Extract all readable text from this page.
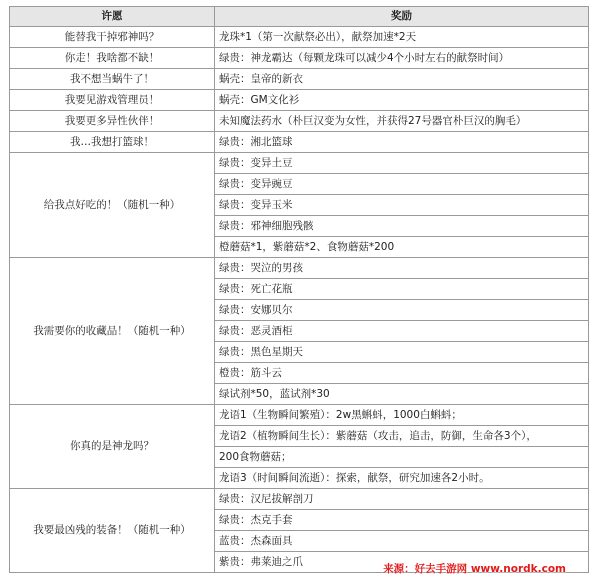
许愿	奖励
能替我干掉邪神吗？	龙珠*1（第一次献祭必出），献祭加速*2天
你走！我啥都不缺！	绿贵：神龙霸达（每颗龙珠可以减少4个小时左右的献祭时间）
我不想当蜗牛了！	蜗壳：皇帝的新衣
我要见游戏管理员！	蜗壳：GM文化衫
我要更多异性伙伴！	未知魔法药水（朴巨汉变为女性，并获得27号器官朴巨汉的胸毛）
我…我想打篮球！	绿贵：湘北篮球
给我点好吃的！（随机一种）	绿贵：变异土豆
	绿贵：变异豌豆
	绿贵：变异玉米
	绿贵：邪神细胞残骸
	橙蘑菇*1，紫蘑菇*2、食物蘑菇*200
我需要你的收藏品！（随机一种）	绿贵：哭泣的男孩
	绿贵：死亡花瓶
	绿贵：安娜贝尔
	绿贵：恶灵酒柜
	绿贵：黑色星期天
	橙贵：筋斗云
	绿试剂*50，蓝试剂*30
你真的是神龙吗？	龙语1（生物瞬间繁殖）：2w黑蝌蚪，1000白蝌蚪；
	龙语2（植物瞬间生长）：紫蘑菇（攻击，追击，防御，生命各3个），
	200食物蘑菇；
	龙语3（时间瞬间流逝）：探索，献祭，研究加速各2小时。
我要最凶残的装备！（随机一种）	绿贵：汉尼拔解剖刀
	绿贵：杰克手套
	蓝贵：杰森面具
	紫贵：弗莱迪之爪
来源：好去手游网 www.nordk.com
